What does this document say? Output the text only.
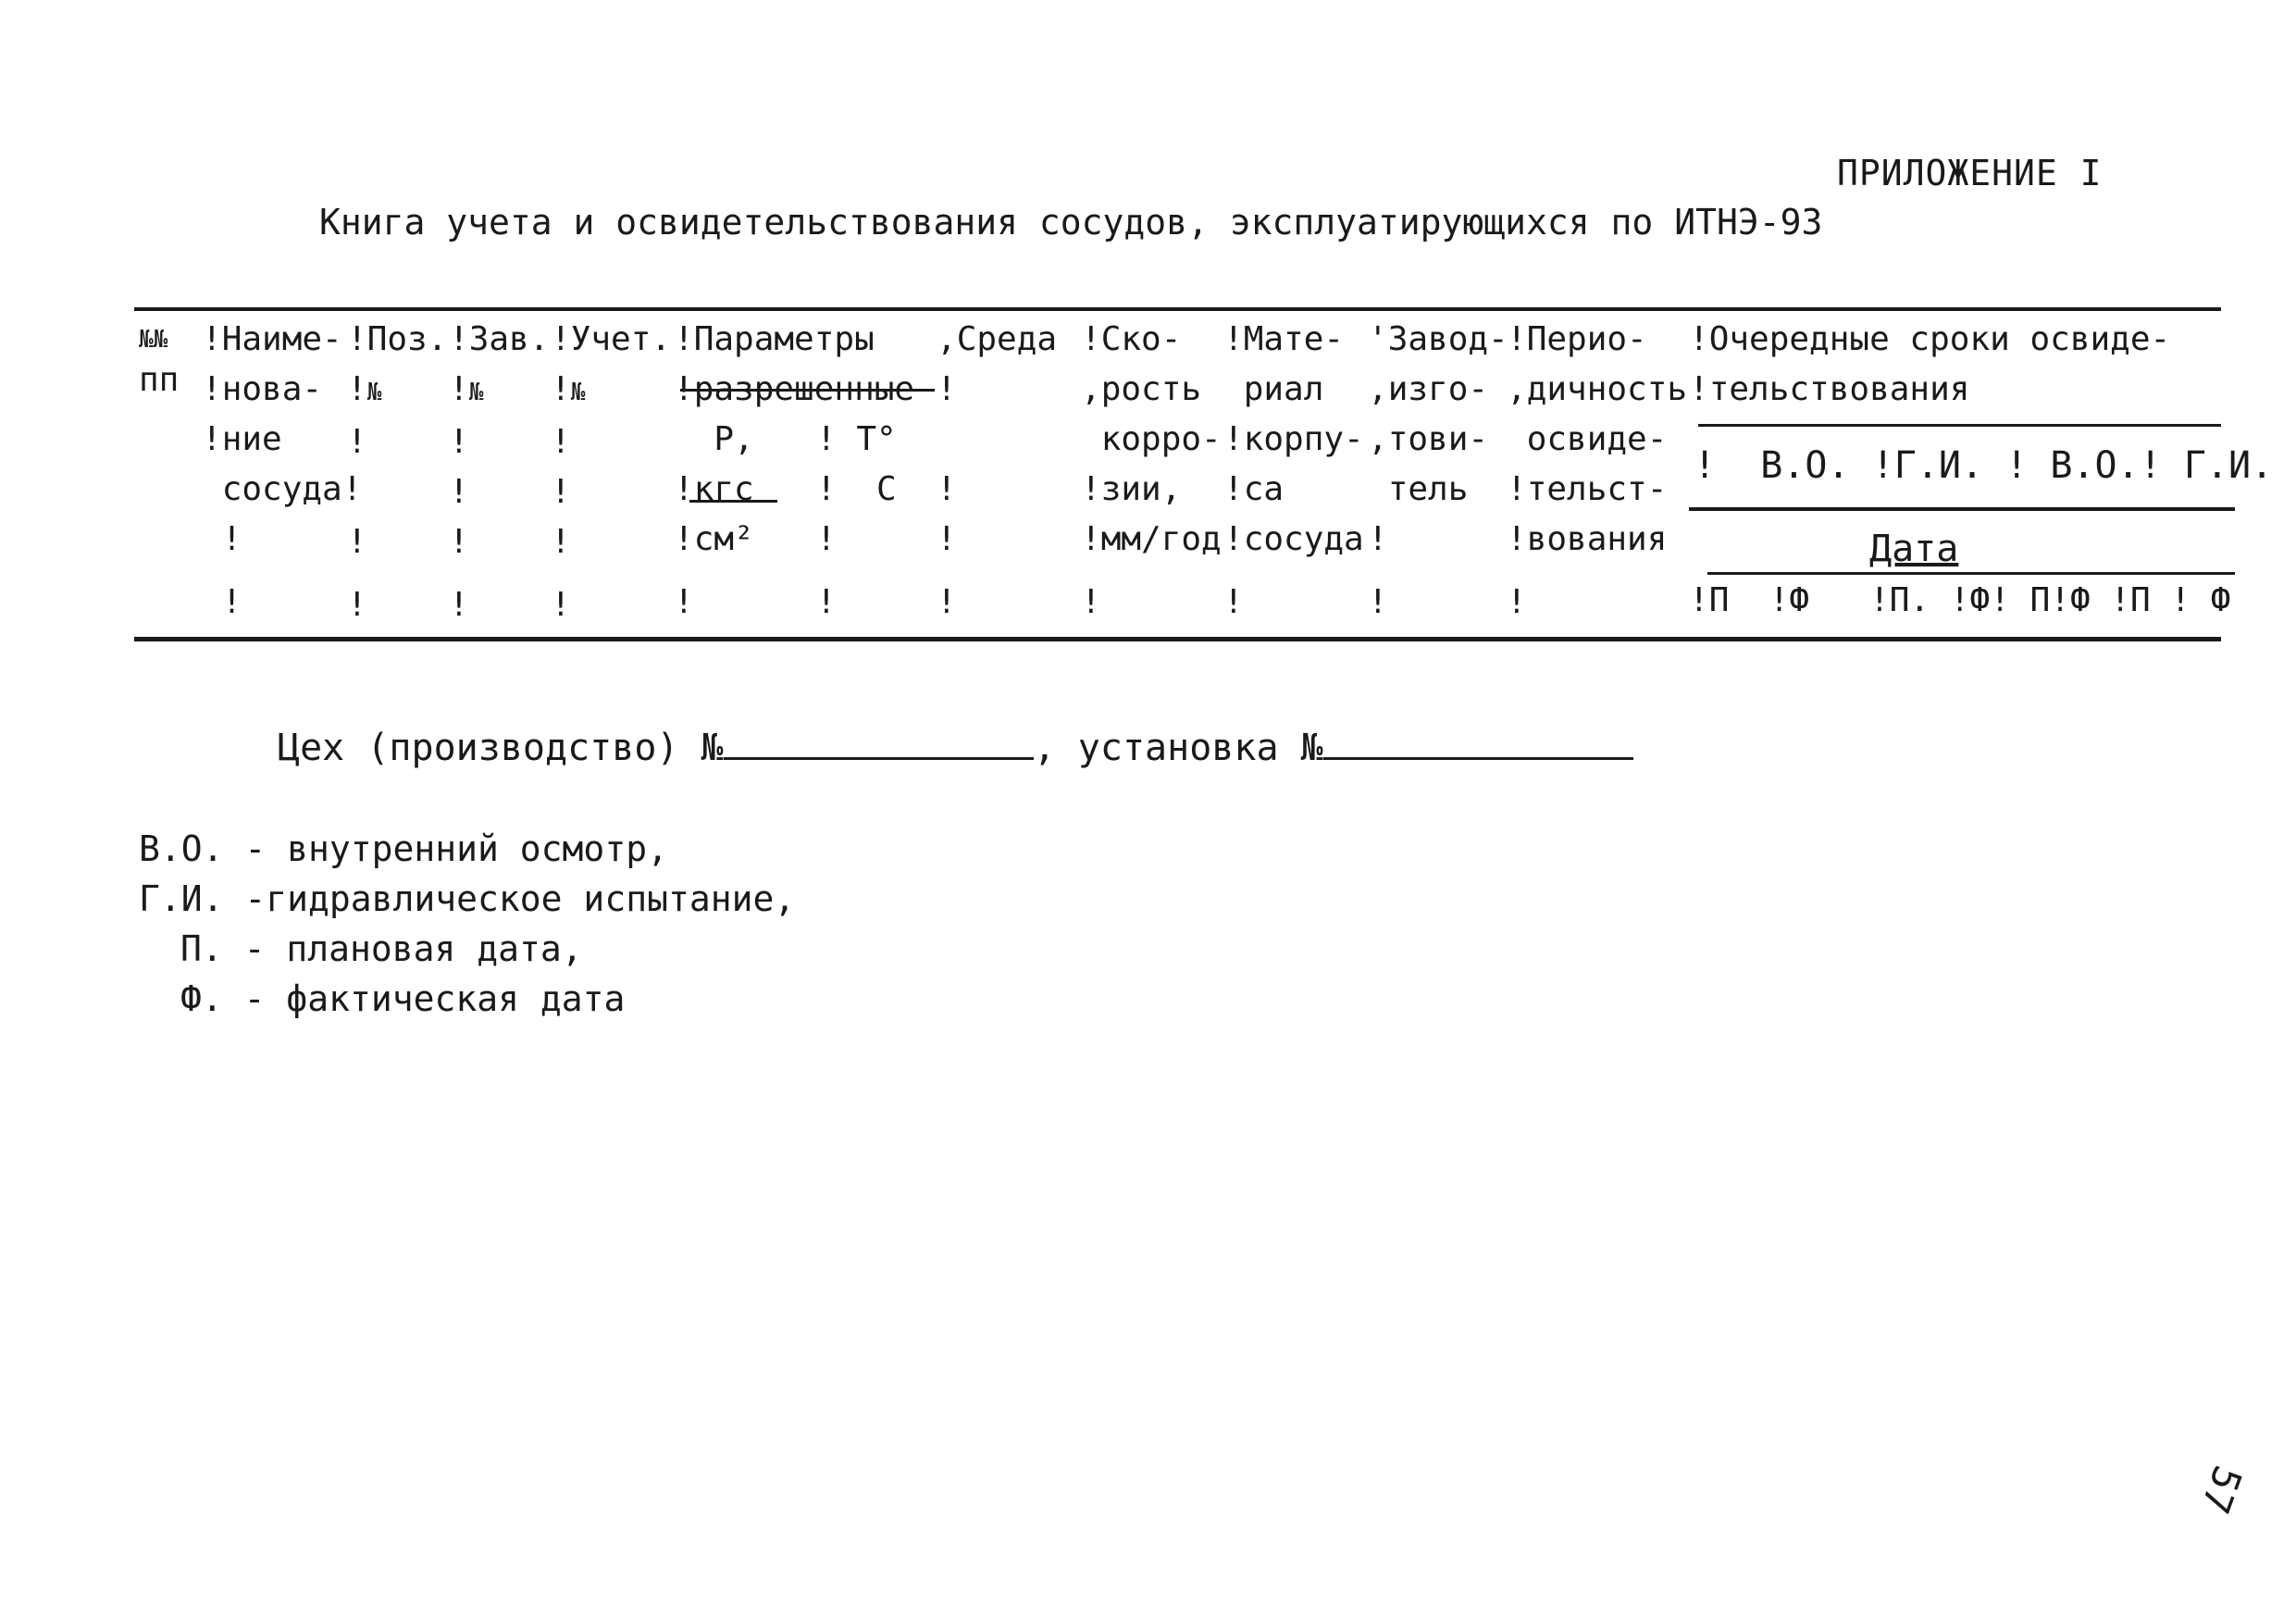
ПРИЛОЖЕНИЕ I
Книга учета и освидетельствования сосудов, эксплуатирующихся по ИТНЭ-93
№№
пп
!Наиме-
!нова-
!ние
сосуда!
!
!
!Поз.
!№
!

!
!
!Зав.
!№
!
!
!
!
!Учет.
!№
!
!
!
!
!Параметры
!разрешенные
Р,
!кгс
!см²
!
! Т°
!  С
!
!
,Среда
!

!
!
!
!Ско-
,рость
корро-
!зии,
!мм/год
!
!Мате-
риал
!корпу-
!са
!сосуда
!
'Завод-
,изго-
,тови-
тель
!
!
!Перио-
,дичность
освиде-
!тельст-
!вования
!
!Очередные сроки освиде-
!тельствования
!  В.О. !Г.И. ! В.О.! Г.И.
Дата
!П  !Ф   !П. !Ф! П!Ф !П ! Ф
Цех (производство) №	, установка №
В.О. - внутренний осмотр,
Г.И. -гидравлическое испытание,
П. - плановая дата,
Ф. - фактическая дата
57
